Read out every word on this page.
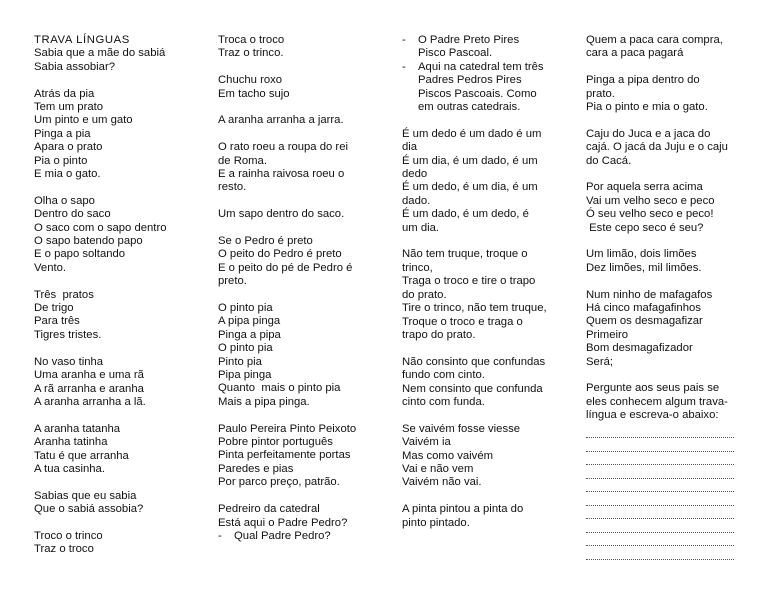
TRAVA LÍNGUAS
Sabia que a mãe do sabiá
Sabia assobiar?
Atrás da pia
Tem um prato
Um pinto e um gato
Pinga a pia
Apara o prato
Pia o pinto
E mia o gato.
Olha o sapo
Dentro do saco
O saco com o sapo dentro
O sapo batendo papo
E o papo soltando
Vento.
Três  pratos
De trigo
Para três
Tigres tristes.
No vaso tinha
Uma aranha e uma rã
A rã arranha e aranha
A aranha arranha a lã.
A aranha tatanha
Aranha tatinha
Tatu é que arranha
A tua casinha.
Sabias que eu sabia
Que o sabiá assobia?
Troco o trinco
Traz o troco
Troca o troco
Traz o trinco.
Chuchu roxo
Em tacho sujo
A aranha arranha a jarra.
O rato roeu a roupa do rei
de Roma.
E a rainha raivosa roeu o
resto.
Um sapo dentro do saco.
Se o Pedro é preto
O peito do Pedro é preto
E o peito do pé de Pedro é
preto.
O pinto pia
A pipa pinga
Pinga a pipa
O pinto pia
Pinto pia
Pipa pinga
Quanto  mais o pinto pia
Mais a pipa pinga.
Paulo Pereira Pinto Peixoto
Pobre pintor português
Pinta perfeitamente portas
Paredes e pias
Por parco preço, patrão.
Pedreiro da catedral
Está aqui o Padre Pedro?
- Qual Padre Pedro?
- O Padre Preto Pires Pisco Pascoal.
- Aqui na catedral tem três Padres Pedros Pires Piscos Pascoais. Como em outras catedrais.
É um dedo é um dado é um
dia
É um dia, é um dado, é um
dedo
É um dedo, é um dia, é um
dado.
É um dado, é um dedo, é
um dia.
Não tem truque, troque o
trinco,
Traga o troco e tire o trapo
do prato.
Tire o trinco, não tem truque,
Troque o troco e traga o
trapo do prato.
Não consinto que confundas
fundo com cinto.
Nem consinto que confunda
cinto com funda.
Se vaivém fosse viesse
Vaivém ia
Mas como vaivém
Vai e não vem
Vaivém não vai.
A pinta pintou a pinta do
pinto pintado.
Quem a paca cara compra,
cara a paca pagará
Pinga a pipa dentro do
prato.
Pia o pinto e mia o gato.
Caju do Juca e a jaca do
cajá. O jacá da Juju e o caju
do Cacá.
Por aquela serra acima
Vai um velho seco e peco
Ó seu velho seco e peco!
Este cepo seco é seu?
Um limão, dois limões
Dez limões, mil limões.
Num ninho de mafagafos
Há cinco mafagafinhos
Quem os desmagafizar
Primeiro
Bom desmagafizador
Será;
Pergunte aos seus pais se eles conhecem algum trava-língua e escreva-o abaixo:
